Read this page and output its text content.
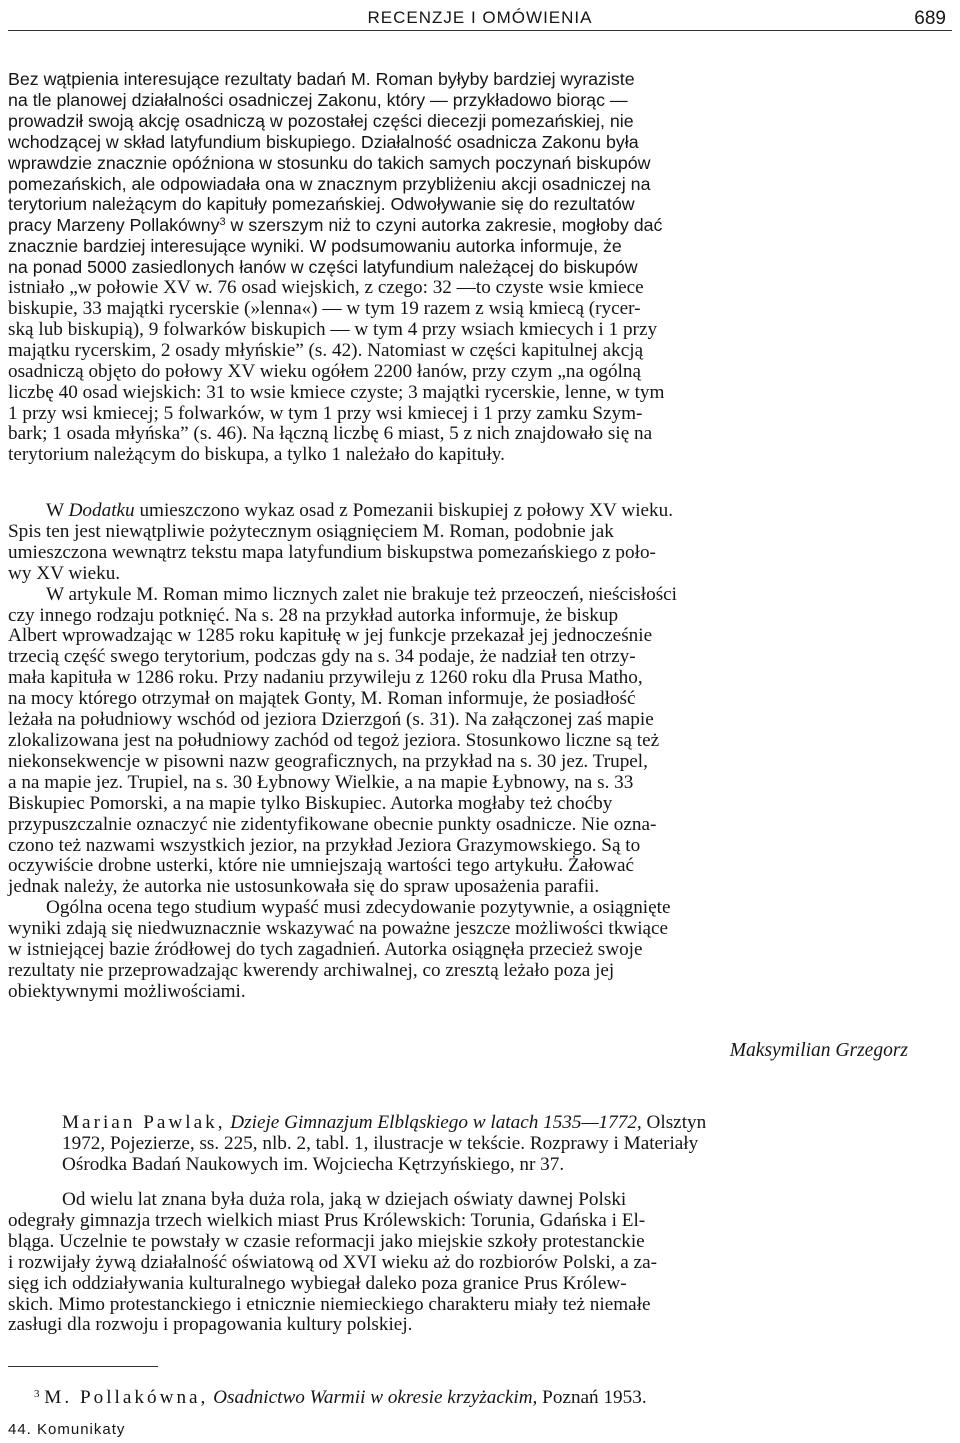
RECENZJE I OMÓWIENIA	689
Bez wątpienia interesujące rezultaty badań M. Roman byłyby bardziej wyraziste
na tle planowej działalności osadniczej Zakonu, który — przykładowo biorąc —
prowadził swoją akcję osadniczą w pozostałej części diecezji pomezańskiej, nie
wchodzącej w skład latyfundium biskupiego. Działalność osadnicza Zakonu była
wprawdzie znacznie opóźniona w stosunku do takich samych poczynań biskupów
pomezańskich, ale odpowiadała ona w znacznym przybliżeniu akcji osadniczej na
terytorium należącym do kapituły pomezańskiej. Odwoływanie się do rezultatów
pracy Marzeny Pollakówny$^3$ w szerszym niż to czyni autorka zakresie, mogłoby dać
znacznie bardziej interesujące wyniki. W podsumowaniu autorka informuje, że
na ponad 5000 zasiedlonych łanów w części latyfundium należącej do biskupów
istniało „w połowie XV w. 76 osad wiejskich, z czego: 32 —to czyste wsie kmiece
biskupie, 33 majątki rycerskie (»lenna«) — w tym 19 razem z wsią kmiecą (rycer-
ską lub biskupią), 9 folwarków biskupich — w tym 4 przy wsiach kmiecych i 1 przy
majątku rycerskim, 2 osady młyńskie” (s. 42). Natomiast w części kapitulnej akcją
osadniczą objęto do połowy XV wieku ogółem 2200 łanów, przy czym „na ogólną
liczbę 40 osad wiejskich: 31 to wsie kmiece czyste; 3 majątki rycerskie, lenne, w tym
1 przy wsi kmiecej; 5 folwarków, w tym 1 przy wsi kmiecej i 1 przy zamku Szym-
bark; 1 osada młyńska” (s. 46). Na łączną liczbę 6 miast, 5 z nich znajdowało się na
terytorium należącym do biskupa, a tylko 1 należało do kapituły.
W Dodatku umieszczono wykaz osad z Pomezanii biskupiej z połowy XV wieku.
Spis ten jest niewątpliwie pożytecznym osiągnięciem M. Roman, podobnie jak
umieszczona wewnątrz tekstu mapa latyfundium biskupstwa pomezańskiego z poło-
wy XV wieku.
W artykule M. Roman mimo licznych zalet nie brakuje też przeoczeń, nieścisłości
czy innego rodzaju potknięć. Na s. 28 na przykład autorka informuje, że biskup
Albert wprowadzając w 1285 roku kapitułę w jej funkcje przekazał jej jednocześnie
trzecią część swego terytorium, podczas gdy na s. 34 podaje, że nadział ten otrzy-
mała kapituła w 1286 roku. Przy nadaniu przywileju z 1260 roku dla Prusa Matho,
na mocy którego otrzymał on majątek Gonty, M. Roman informuje, że posiadłość
leżała na południowy wschód od jeziora Dzierzgoń (s. 31). Na załączonej zaś mapie
zlokalizowana jest na południowy zachód od tegoż jeziora. Stosunkowo liczne są też
niekonsekwencje w pisowni nazw geograficznych, na przykład na s. 30 jez. Trupel,
a na mapie jez. Trupiel, na s. 30 Łybnowy Wielkie, a na mapie Łybnowy, na s. 33
Biskupiec Pomorski, a na mapie tylko Biskupiec. Autorka mogłaby też choćby
przypuszczalnie oznaczyć nie zidentyfikowane obecnie punkty osadnicze. Nie ozna-
czono też nazwami wszystkich jezior, na przykład Jeziora Grazymowskiego. Są to
oczywiście drobne usterki, które nie umniejszają wartości tego artykułu. Żałować
jednak należy, że autorka nie ustosunkowała się do spraw uposażenia parafii.
Ogólna ocena tego studium wypaść musi zdecydowanie pozytywnie, a osiągnięte
wyniki zdają się niedwuznacznie wskazywać na poważne jeszcze możliwości tkwiące
w istniejącej bazie źródłowej do tych zagadnień. Autorka osiągnęła przecież swoje
rezultaty nie przeprowadzając kwerendy archiwalnej, co zresztą leżało poza jej
obiektywnymi możliwościami.
Maksymilian Grzegorz
Marian Pawlak, Dzieje Gimnazjum Elbląskiego w latach 1535—1772, Olsztyn
1972, Pojezierze, ss. 225, nlb. 2, tabl. 1, ilustracje w tekście. Rozprawy i Materiały
Ośrodka Badań Naukowych im. Wojciecha Kętrzyńskiego, nr 37.
Od wielu lat znana była duża rola, jaką w dziejach oświaty dawnej Polski
odegrały gimnazja trzech wielkich miast Prus Królewskich: Torunia, Gdańska i El-
bląga. Uczelnie te powstały w czasie reformacji jako miejskie szkoły protestanckie
i rozwijały żywą działalność oświatową od XVI wieku aż do rozbiorów Polski, a za-
sięg ich oddziaływania kulturalnego wybiegał daleko poza granice Prus Królew-
skich. Mimo protestanckiego i etnicznie niemieckiego charakteru miały też niemałe
zasługi dla rozwoju i propagowania kultury polskiej.
$^3$ M. Pollakówna, Osadnictwo Warmii w okresie krzyżackim, Poznań 1953.
44. Komunikaty
